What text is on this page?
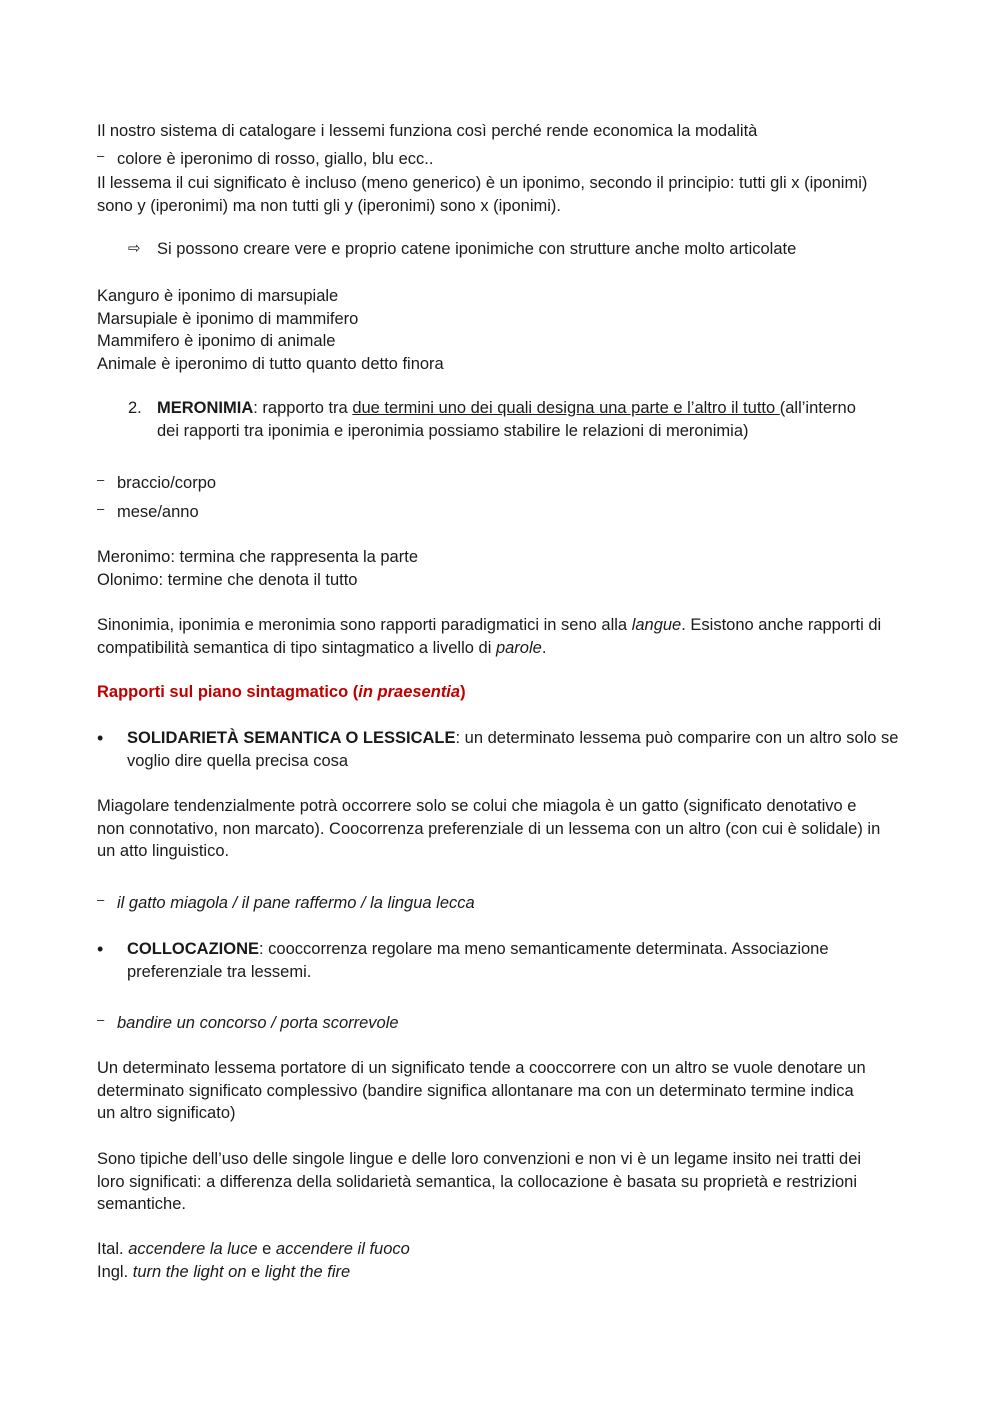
Il nostro sistema di catalogare i lessemi funziona così perché rende economica la modalità

– colore è iperonimo di rosso, giallo, blu ecc..

Il lessema il cui significato è incluso (meno generico) è un iponimo, secondo il principio: tutti gli x (iponimi)
sono y (iperonimi) ma non tutti gli y (iperonimi) sono x (iponimi).

⇨ Si possono creare vere e proprio catene iponimiche con strutture anche molto articolate

Kanguro è iponimo di marsupiale
Marsupiale è iponimo di mammifero
Mammifero è iponimo di animale
Animale è iperonimo di tutto quanto detto finora

2. MERONIMIA: rapporto tra due termini uno dei quali designa una parte e l’altro il tutto (all’interno
dei rapporti tra iponimia e iperonimia possiamo stabilire le relazioni di meronimia)
– braccio/corpo
– mese/anno

Meronimo: termina che rappresenta la parte
Olonimo: termine che denota il tutto

Sinonimia, iponimia e meronimia sono rapporti paradigmatici in seno alla langue. Esistono anche rapporti di
compatibilità semantica di tipo sintagmatico a livello di parole.

Rapporti sul piano sintagmatico (in praesentia)

• SOLIDARIETÀ SEMANTICA O LESSICALE: un determinato lessema può comparire con un altro solo se
voglio dire quella precisa cosa

Miagolare tendenzialmente potrà occorrere solo se colui che miagola è un gatto (significato denotativo e
non connotativo, non marcato). Coocorrenza preferenziale di un lessema con un altro (con cui è solidale) in
un atto linguistico.

– il gatto miagola / il pane raffermo / la lingua lecca
• COLLOCAZIONE: cooccorrenza regolare ma meno semanticamente determinata. Associazione
preferenziale tra lessemi.
– bandire un concorso / porta scorrevole

Un determinato lessema portatore di un significato tende a cooccorrere con un altro se vuole denotare un
determinato significato complessivo (bandire significa allontanare ma con un determinato termine indica
un altro significato)

Sono tipiche dell’uso delle singole lingue e delle loro convenzioni e non vi è un legame insito nei tratti dei
loro significati: a differenza della solidarietà semantica, la collocazione è basata su proprietà e restrizioni
semantiche.

Ital. accendere la luce e accendere il fuoco
Ingl. turn the light on e light the fire
